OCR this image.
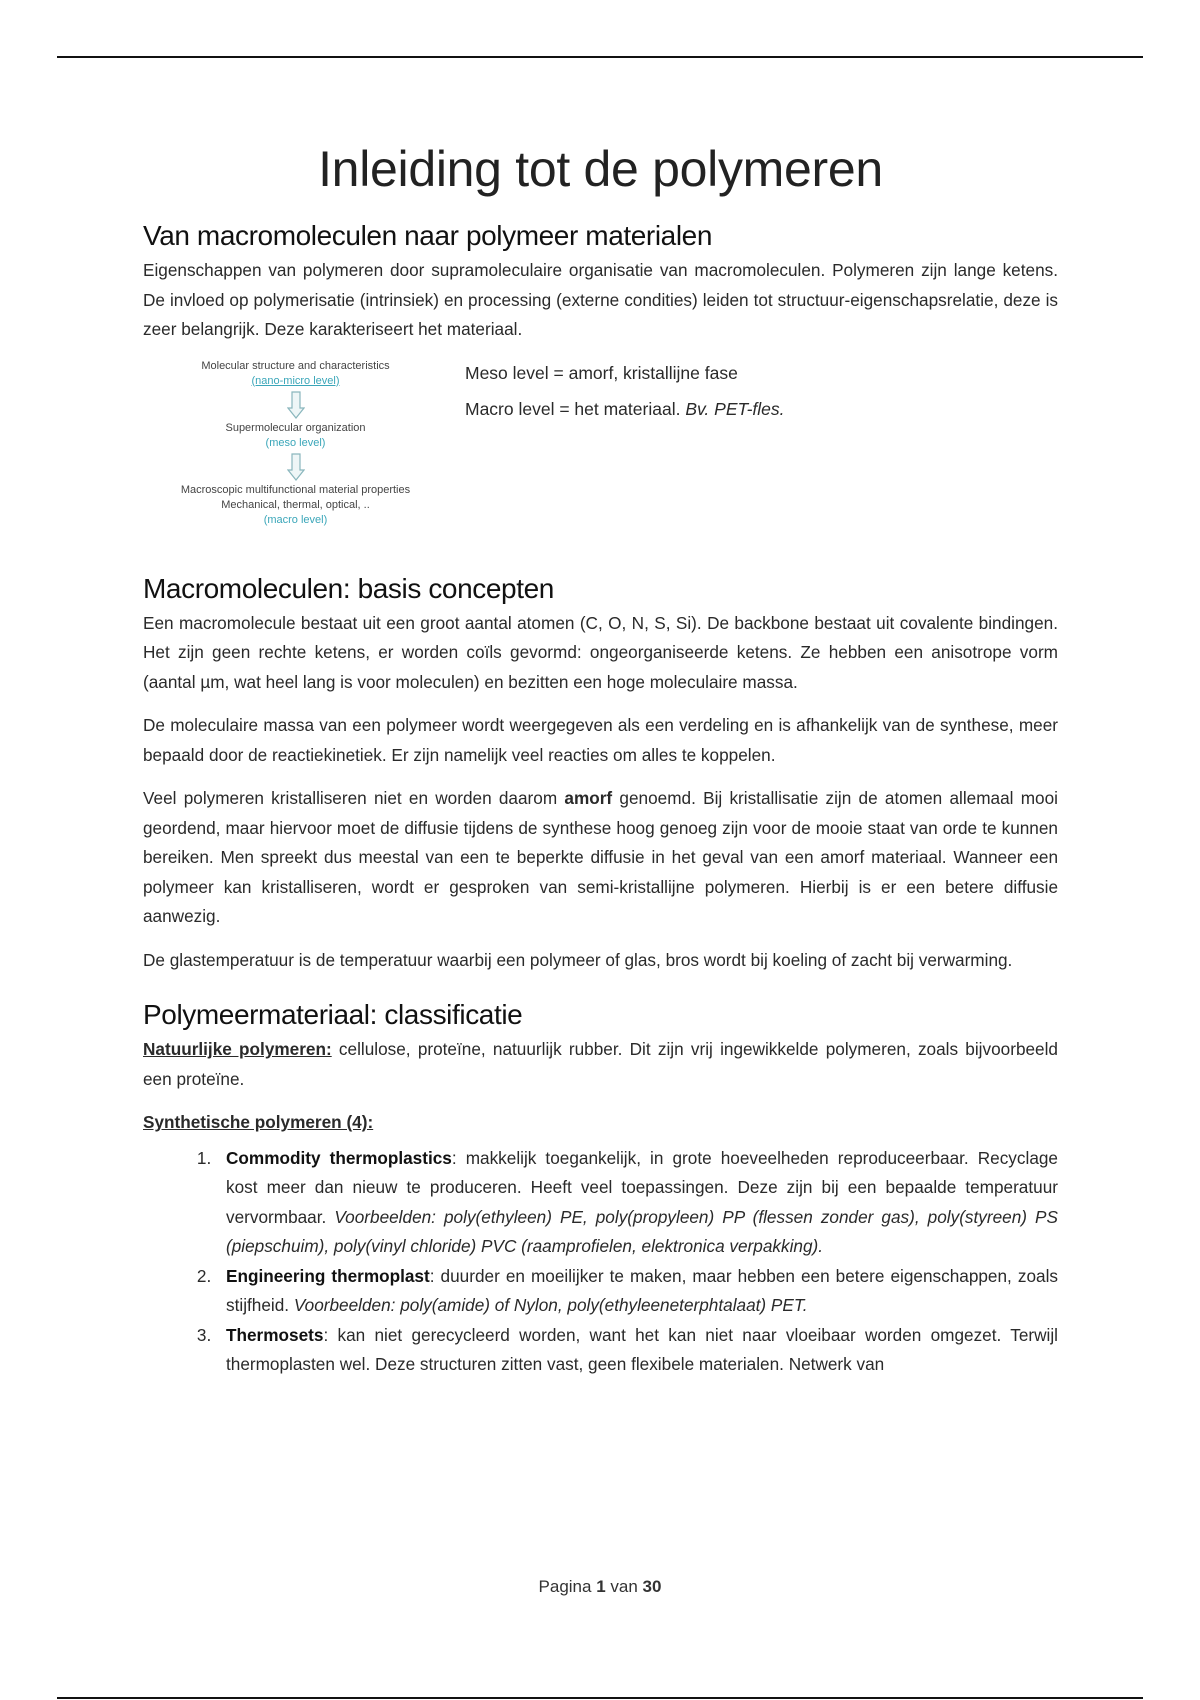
Inleiding tot de polymeren
Van macromoleculen naar polymeer materialen

Eigenschappen van polymeren door supramoleculaire organisatie van macromoleculen. Polymeren zijn lange ketens. De invloed op polymerisatie (intrinsiek) en processing (externe condities) leiden tot structuur-eigenschapsrelatie, deze is zeer belangrijk. Deze karakteriseert het materiaal.

Molecular structure and characteristics
(nano-micro level)
Supermolecular organization
(meso level)
Macroscopic multifunctional material properties
Mechanical, thermal, optical, ..
(macro level)
Meso level = amorf, kristallijne fase
Macro level = het materiaal. Bv. PET-fles.
Macromoleculen: basis concepten

Een macromolecule bestaat uit een groot aantal atomen (C, O, N, S, Si). De backbone bestaat uit covalente bindingen. Het zijn geen rechte ketens, er worden coïls gevormd: ongeorganiseerde ketens. Ze hebben een anisotrope vorm (aantal µm, wat heel lang is voor moleculen) en bezitten een hoge moleculaire massa.

De moleculaire massa van een polymeer wordt weergegeven als een verdeling en is afhankelijk van de synthese, meer bepaald door de reactiekinetiek. Er zijn namelijk veel reacties om alles te koppelen.

Veel polymeren kristalliseren niet en worden daarom amorf genoemd. Bij kristallisatie zijn de atomen allemaal mooi geordend, maar hiervoor moet de diffusie tijdens de synthese hoog genoeg zijn voor de mooie staat van orde te kunnen bereiken. Men spreekt dus meestal van een te beperkte diffusie in het geval van een amorf materiaal. Wanneer een polymeer kan kristalliseren, wordt er gesproken van semi-kristallijne polymeren. Hierbij is er een betere diffusie aanwezig.

De glastemperatuur is de temperatuur waarbij een polymeer of glas, bros wordt bij koeling of zacht bij verwarming.

Polymeermateriaal: classificatie

Natuurlijke polymeren: cellulose, proteïne, natuurlijk rubber. Dit zijn vrij ingewikkelde polymeren, zoals bijvoorbeeld een proteïne.

Synthetische polymeren (4):

1. Commodity thermoplastics: makkelijk toegankelijk, in grote hoeveelheden reproduceerbaar. Recyclage kost meer dan nieuw te produceren. Heeft veel toepassingen. Deze zijn bij een bepaalde temperatuur vervormbaar. Voorbeelden: poly(ethyleen) PE, poly(propyleen) PP (flessen zonder gas), poly(styreen) PS (piepschuim), poly(vinyl chloride) PVC (raamprofielen, elektronica verpakking).
2. Engineering thermoplast: duurder en moeilijker te maken, maar hebben een betere eigenschappen, zoals stijfheid. Voorbeelden: poly(amide) of Nylon, poly(ethyleeneterphtalaat) PET.
3. Thermosets: kan niet gerecycleerd worden, want het kan niet naar vloeibaar worden omgezet. Terwijl thermoplasten wel. Deze structuren zitten vast, geen flexibele materialen. Netwerk van
Pagina 1 van 30
